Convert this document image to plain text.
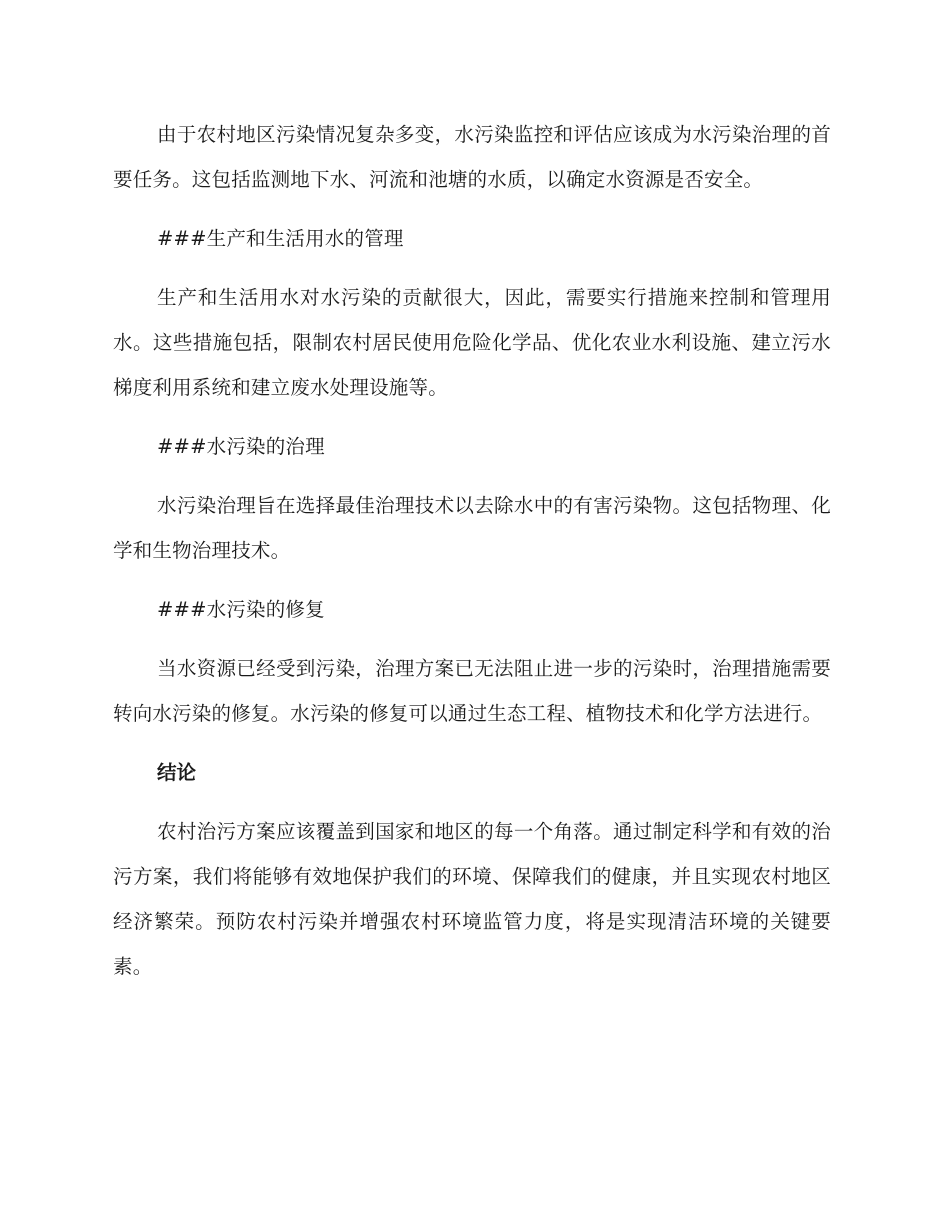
由于农村地区污染情况复杂多变，水污染监控和评估应该成为水污染治理的首要任务。这包括监测地下水、河流和池塘的水质，以确定水资源是否安全。

###生产和生活用水的管理

生产和生活用水对水污染的贡献很大，因此，需要实行措施来控制和管理用水。这些措施包括，限制农村居民使用危险化学品、优化农业水利设施、建立污水梯度利用系统和建立废水处理设施等。

###水污染的治理

水污染治理旨在选择最佳治理技术以去除水中的有害污染物。这包括物理、化学和生物治理技术。

###水污染的修复

当水资源已经受到污染，治理方案已无法阻止进一步的污染时，治理措施需要转向水污染的修复。水污染的修复可以通过生态工程、植物技术和化学方法进行。

结论

农村治污方案应该覆盖到国家和地区的每一个角落。通过制定科学和有效的治污方案，我们将能够有效地保护我们的环境、保障我们的健康，并且实现农村地区经济繁荣。预防农村污染并增强农村环境监管力度，将是实现清洁环境的关键要素。
